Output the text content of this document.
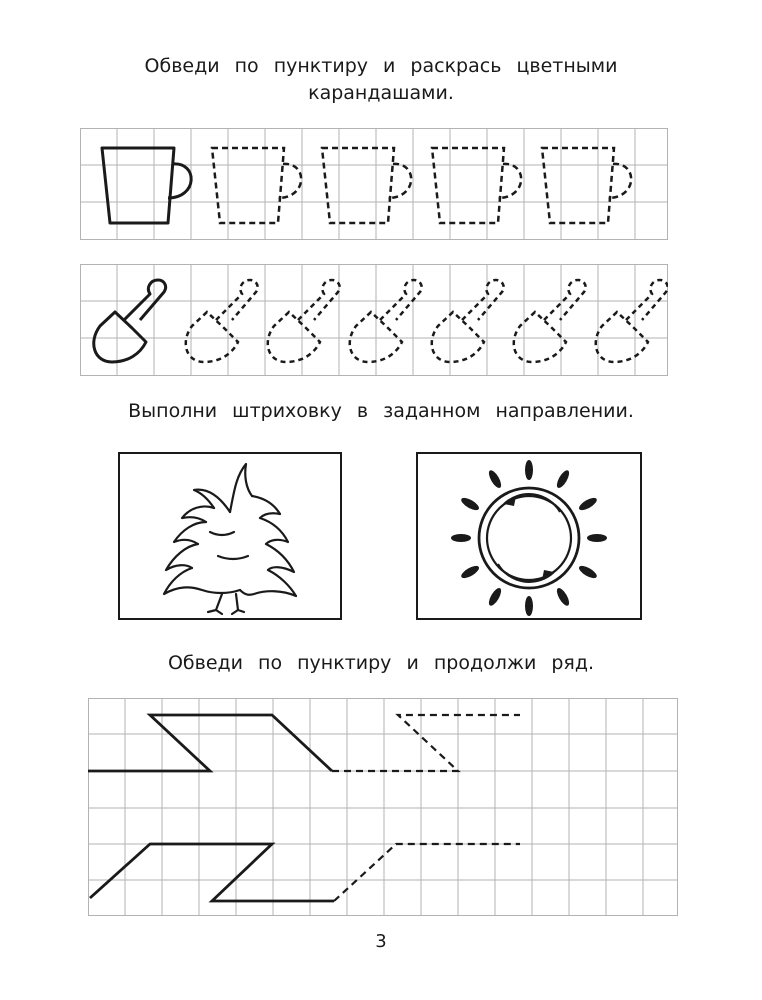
Обведи по пунктиру и раскрась цветными
карандашами.

Выполни штриховку в заданном направлении.

Обведи по пунктиру и продолжи ряд.

3
